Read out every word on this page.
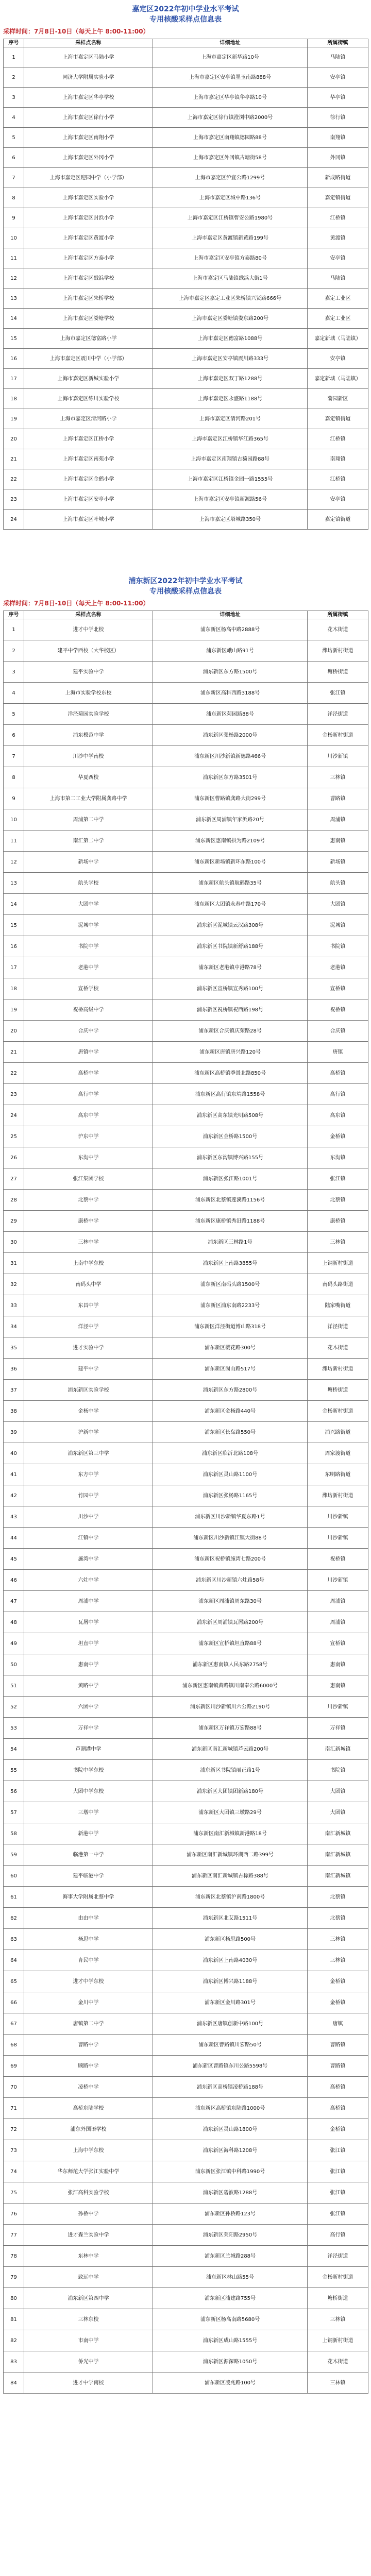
嘉定区2022年初中学业水平考试

专用核酸采样点信息表

采样时间：7月8日-10日（每天上午 8:00-11:00）

序号	采样点名称	详细地址	所属街镇
1	上海市嘉定区马陆小学	上海市嘉定区新华路10号	马陆镇
2	同济大学附属实验小学	上海市嘉定区安亭镇墨玉南路888号	安亭镇
3	上海市嘉定区华亭学校	上海市嘉定区华亭镇华亭路10号	华亭镇
4	上海市嘉定区徐行小学	上海市嘉定区徐行镇澄浏中路2000号	徐行镇
5	上海市嘉定区南翔小学	上海市嘉定区南翔镇德园路88号	南翔镇
6	上海市嘉定区外冈小学	上海市嘉定区外冈镇古塘街58号	外冈镇
7	上海市嘉定区迎园中学（小学部）	上海市嘉定区沪宜公路1299号	新成路街道
8	上海市嘉定区实验小学	上海市嘉定区城中路136号	嘉定镇街道
9	上海市嘉定区封浜小学	上海市嘉定区江桥镇曹安公路1980号	江桥镇
10	上海市嘉定区黄渡小学	上海市嘉定区黄渡镇新黄路199号	黄渡镇
11	上海市嘉定区方泰小学	上海市嘉定区安亭镇方泰路80号	安亭镇
12	上海市嘉定区戬浜学校	上海市嘉定区马陆镇戬浜大街1号	马陆镇
13	上海市嘉定区朱桥学校	上海市嘉定区嘉定工业区朱桥镇兴贤路666号	嘉定工业区
14	上海市嘉定区娄塘学校	上海市嘉定区娄塘镇娄东路200号	嘉定工业区
15	上海市嘉定区德富路小学	上海市嘉定区德富路1088号	嘉定新城（马陆镇）
16	上海市嘉定区震川中学（小学部）	上海市嘉定区安亭镇震川路333号	安亭镇
17	上海市嘉定区新城实验小学	上海市嘉定区双丁路1288号	嘉定新城（马陆镇）
18	上海市嘉定区练川实验学校	上海市嘉定区永盛路1188号	菊园新区
19	上海市嘉定区清河路小学	上海市嘉定区清河路201号	嘉定镇街道
20	上海市嘉定区江桥小学	上海市嘉定区江桥镇华江路365号	江桥镇
21	上海市嘉定区南苑小学	上海市嘉定区南翔镇古猗园路88号	南翔镇
22	上海市嘉定区金鹤小学	上海市嘉定区江桥镇金园一路1555号	江桥镇
23	上海市嘉定区安亭小学	上海市嘉定区安亭镇新源路56号	安亭镇
24	上海市嘉定区叶城小学	上海市嘉定区塔城路350号	嘉定镇街道

浦东新区2022年初中学业水平考试

专用核酸采样点信息表

采样时间：7月8日-10日（每天上午 8:00-11:00）

序号	采样点名称	详细地址	所属街镇
1	进才中学北校	浦东新区杨高中路2888号	花木街道
2	建平中学西校（大华校区）	浦东新区峨山路91号	潍坊新村街道
3	建平实验中学	浦东新区东方路1500号	塘桥街道
4	上海市实验学校东校	浦东新区高科西路3188号	张江镇
5	洋泾菊园实验学校	浦东新区菊园路88号	洋泾街道
6	浦东模范中学	浦东新区张杨路2000号	金杨新村街道
7	川沙中学南校	浦东新区川沙新镇新德路466号	川沙新镇
8	华夏西校	浦东新区东方路3501号	三林镇
9	上海市第二工业大学附属龚路中学	浦东新区曹路镇龚路大街299号	曹路镇
10	周浦第二中学	浦东新区周浦镇年家浜路20号	周浦镇
11	南汇第二中学	浦东新区惠南镇拱为路2109号	惠南镇
12	新场中学	浦东新区新场镇新环东路100号	新场镇
13	航头学校	浦东新区航头镇航鹤路35号	航头镇
14	大团中学	浦东新区大团镇永春中路170号	大团镇
15	泥城中学	浦东新区泥城镇云汉路308号	泥城镇
16	书院中学	浦东新区书院镇新舒路188号	书院镇
17	老港中学	浦东新区老港镇中港路78号	老港镇
18	宣桥学校	浦东新区宣桥镇宣秀路100号	宣桥镇
19	祝桥高级中学	浦东新区祝桥镇祝西路198号	祝桥镇
20	合庆中学	浦东新区合庆镇庆荣路28号	合庆镇
21	唐镇中学	浦东新区唐镇唐兴路120号	唐镇
22	高桥中学	浦东新区高桥镇季景北路850号	高桥镇
23	高行中学	浦东新区高行镇东靖路1558号	高行镇
24	高东中学	浦东新区高东镇光明路508号	高东镇
25	沪东中学	浦东新区金桥路1500号	金桥镇
26	东沟中学	浦东新区东沟镇博兴路155号	东沟镇
27	张江集团学校	浦东新区张江路1001号	张江镇
28	北蔡中学	浦东新区北蔡镇莲溪路1156号	北蔡镇
29	康桥中学	浦东新区康桥镇秀沿路1188号	康桥镇
30	三林中学	浦东新区三林路1号	三林镇
31	上南中学东校	浦东新区上南路3855号	上钢新村街道
32	南码头中学	浦东新区南码头路1500号	南码头路街道
33	东昌中学	浦东新区浦东南路2233号	陆家嘴街道
34	洋泾中学	浦东新区洋泾街道博山路318号	洋泾街道
35	进才实验中学	浦东新区樱花路300号	花木街道
36	建平中学	浦东新区崮山路517号	潍坊新村街道
37	浦东新区实验学校	浦东新区东方路2800号	塘桥街道
38	金杨中学	浦东新区金杨路440号	金杨新村街道
39	沪新中学	浦东新区长岛路550号	浦兴路街道
40	浦东新区第三中学	浦东新区临沂北路108号	周家渡街道
41	东方中学	浦东新区灵山路1100号	东明路街道
42	竹园中学	浦东新区张杨路1165号	潍坊新村街道
43	川沙中学	浦东新区川沙新镇华夏东路1号	川沙新镇
44	江镇中学	浦东新区川沙新镇江镇大街88号	川沙新镇
45	施湾中学	浦东新区祝桥镇施湾七路200号	祝桥镇
46	六灶中学	浦东新区川沙新镇六灶路58号	川沙新镇
47	周浦中学	浦东新区周浦镇周东路30号	周浦镇
48	瓦屑中学	浦东新区周浦镇瓦屑路200号	周浦镇
49	坦直中学	浦东新区宣桥镇坦直路88号	宣桥镇
50	惠南中学	浦东新区惠南镇人民东路2758号	惠南镇
51	黄路中学	浦东新区惠南镇黄路镇川南奉公路6000号	惠南镇
52	六团中学	浦东新区川沙新镇川六公路2190号	川沙新镇
53	万祥中学	浦东新区万祥镇万宏路88号	万祥镇
54	芦潮港中学	浦东新区南汇新城镇芦云路200号	南汇新城镇
55	书院中学东校	浦东新区书院镇丽正路1号	书院镇
56	大团中学东校	浦东新区大团镇团新路180号	大团镇
57	三墩中学	浦东新区大团镇三墩路29号	大团镇
58	新港中学	浦东新区南汇新城镇新港路18号	南汇新城镇
59	临港第一中学	浦东新区南汇新城镇环湖西二路399号	南汇新城镇
60	建平临港中学	浦东新区南汇新城镇古棕路388号	南汇新城镇
61	海事大学附属北蔡中学	浦东新区北蔡镇沪南路1800号	北蔡镇
62	由由中学	浦东新区北艾路1511号	北蔡镇
63	杨思中学	浦东新区杨思路500号	三林镇
64	育民中学	浦东新区上南路4030号	三林镇
65	进才中学东校	浦东新区博兴路1188号	金桥镇
66	金川中学	浦东新区金川路301号	金桥镇
67	唐镇第二中学	浦东新区唐镇创新中路100号	唐镇
68	曹路中学	浦东新区曹路镇川宏路50号	曹路镇
69	顾路中学	浦东新区曹路镇东川公路5598号	曹路镇
70	凌桥中学	浦东新区高桥镇凌桥路188号	高桥镇
71	高桥东陆学校	浦东新区高桥镇东陆路1000号	高桥镇
72	浦东外国语学校	浦东新区灵山路1800号	金桥镇
73	上海中学东校	浦东新区海科路1208号	张江镇
74	华东师范大学张江实验中学	浦东新区张江镇中科路1990号	张江镇
75	张江高科实验学校	浦东新区碧波路1288号	张江镇
76	孙桥中学	浦东新区孙桥路123号	张江镇
77	进才森兰实验中学	浦东新区莱阳路2950号	高行镇
78	东林中学	浦东新区兰城路288号	洋泾街道
79	致远中学	浦东新区林山路55号	金杨新村街道
80	浦东新区第四中学	浦东新区浦建路755号	塘桥街道
81	三林东校	浦东新区杨高南路5680号	三林镇
82	市南中学	浦东新区成山路1555号	上钢新村街道
83	侨光中学	浦东新区源深路1050号	花木街道
84	进才中学南校	浦东新区凌兆路100号	三林镇
